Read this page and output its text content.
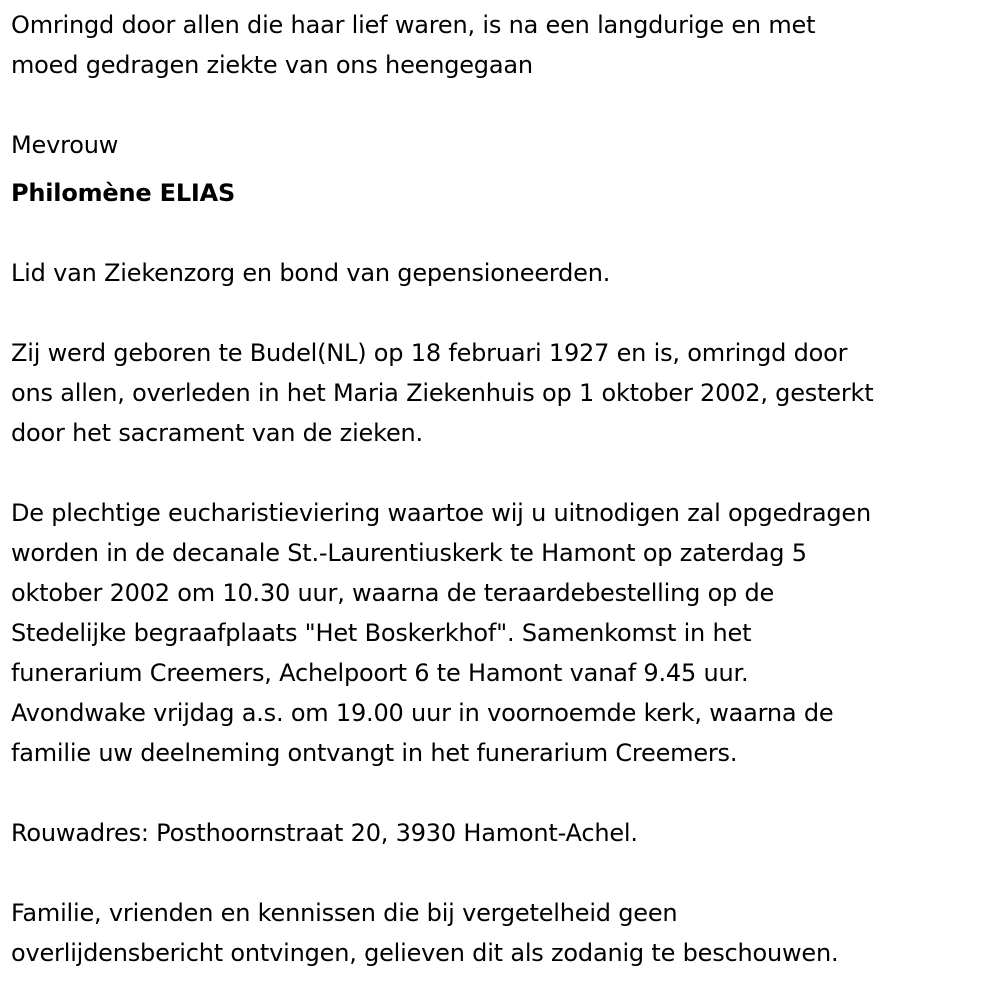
Omringd door allen die haar lief waren, is na een langdurige en met
moed gedragen ziekte van ons heengegaan
Mevrouw
Philomène ELIAS
Lid van Ziekenzorg en bond van gepensioneerden.
Zij werd geboren te Budel(NL) op 18 februari 1927 en is, omringd door
ons allen, overleden in het Maria Ziekenhuis op 1 oktober 2002, gesterkt
door het sacrament van de zieken.
De plechtige eucharistieviering waartoe wij u uitnodigen zal opgedragen
worden in de decanale St.-Laurentiuskerk te Hamont op zaterdag 5
oktober 2002 om 10.30 uur, waarna de teraardebestelling op de
Stedelijke begraafplaats "Het Boskerkhof". Samenkomst in het
funerarium Creemers, Achelpoort 6 te Hamont vanaf 9.45 uur.
Avondwake vrijdag a.s. om 19.00 uur in voornoemde kerk, waarna de
familie uw deelneming ontvangt in het funerarium Creemers.
Rouwadres: Posthoornstraat 20, 3930 Hamont-Achel.
Familie, vrienden en kennissen die bij vergetelheid geen
overlijdensbericht ontvingen, gelieven dit als zodanig te beschouwen.
